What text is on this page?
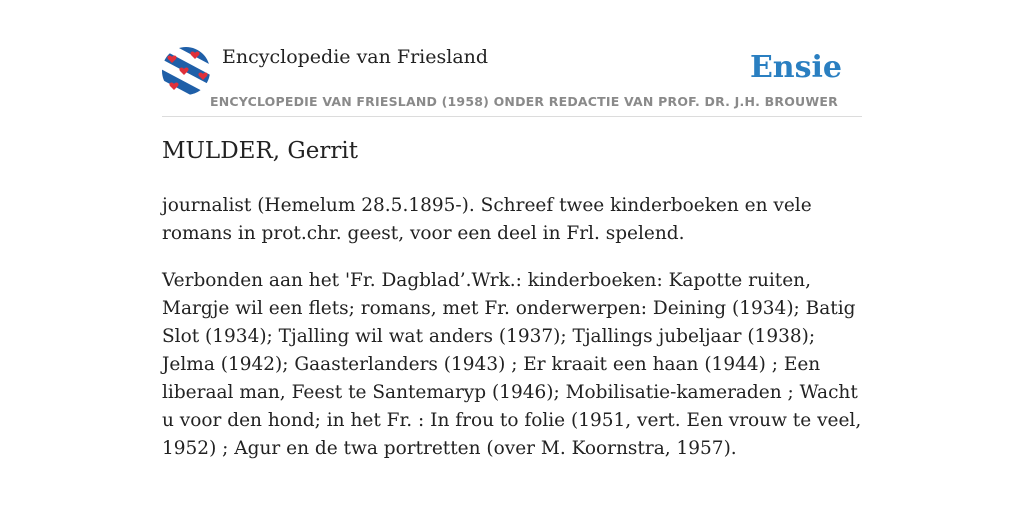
Encyclopedie van Friesland
ENCYCLOPEDIE VAN FRIESLAND (1958) ONDER REDACTIE VAN PROF. DR. J.H. BROUWER
Ensie
MULDER, Gerrit

journalist (Hemelum 28.5.1895-). Schreef twee kinderboeken en vele romans in prot.chr. geest, voor een deel in Frl. spelend.

Verbonden aan het 'Fr. Dagblad’.Wrk.: kinderboeken: Kapotte ruiten, Margje wil een flets; romans, met Fr. onderwerpen: Deining (1934); Batig Slot (1934); Tjalling wil wat anders (1937); Tjallings jubeljaar (1938); Jelma (1942); Gaasterlanders (1943) ; Er kraait een haan (1944) ; Een liberaal man, Feest te Santemaryp (1946); Mobilisatie-kameraden ; Wacht u voor den hond; in het Fr. : In frou to folie (1951, vert. Een vrouw te veel, 1952) ; Agur en de twa portretten (over M. Koornstra, 1957).
